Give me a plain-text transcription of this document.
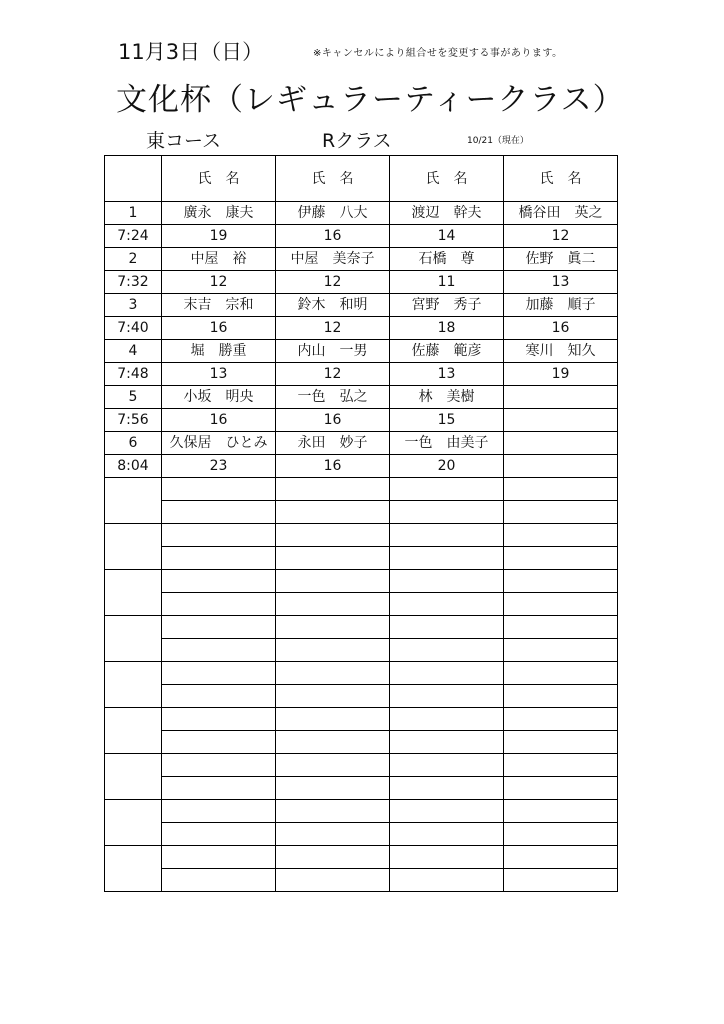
11月3日（日）	※キャンセルにより組合せを変更する事があります。
文化杯（レギュラーティークラス）
東コース	Rクラス	10/21（現在）
	氏　名	氏　名	氏　名	氏　名
1	廣永　康夫	伊藤　八大	渡辺　幹夫	橋谷田　英之
7:24	19	16	14	12
2	中屋　裕	中屋　美奈子	石橋　尊	佐野　眞二
7:32	12	12	11	13
3	末吉　宗和	鈴木　和明	宮野　秀子	加藤　順子
7:40	16	12	18	16
4	堀　勝重	内山　一男	佐藤　範彦	寒川　知久
7:48	13	12	13	19
5	小坂　明央	一色　弘之	林　美樹	
7:56	16	16	15	
6	久保居　ひとみ	永田　妙子	一色　由美子	
8:04	23	16	20	
